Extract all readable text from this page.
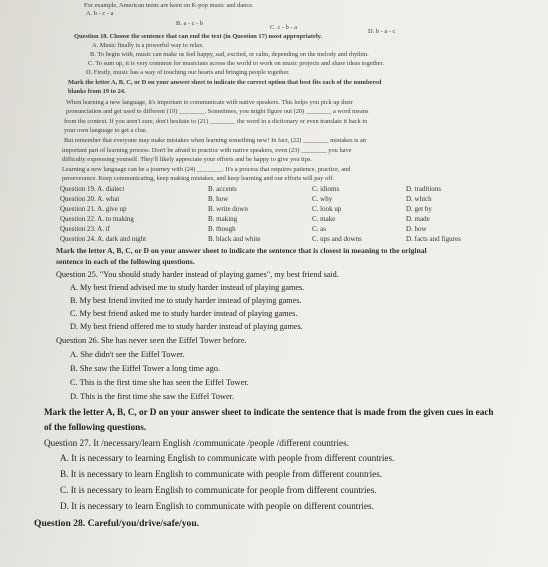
For example, American teens are keen on K-pop music and dance.
A. b - c - a
B. a - c - b
C. c - b - a
D. b - a - c
Question 18. Choose the sentence that can end the text (in Question 17) most appropriately.
A. Music finally is a powerful way to relax.
B. To begin with, music can make us feel happy, sad, excited, or calm, depending on the melody and rhythm.
C. To sum up, it is very common for musicians across the world to work on music projects and share ideas together.
D. Firstly, music has a way of touching our hearts and bringing people together.
Mark the letter A, B, C, or D on your answer sheet to indicate the correct option that best fits each of the numbered
blanks from 19 to 24.
When learning a new language, it's important to communicate with native speakers. This helps you pick up their
pronunciation and get used to different (19) ________. Sometimes, you might figure out (20) ________ a word means
from the context. If you aren't sure, don't hesitate to (21) ________ the word in a dictionary or even translate it back to
your own language to get a clue.
But remember that everyone may make mistakes when learning something new! In fact, (22) ________ mistakes is an
important part of learning process. Don't be afraid to practice with native speakers, even (23) ________ you have
difficulty expressing yourself. They'll likely appreciate your efforts and be happy to give you tips.
Learning a new language can be a journey with (24) ________. It's a process that requires patience, practice, and
perseverance. Keep communicating, keep making mistakes, and keep learning and our efforts will pay off.
Question 19. A. dialect	B. accents	C. idioms	D. traditions
Question 20. A. what	B. how	C. why	D. which
Question 21. A. give up	B. write down	C. look up	D. get by
Question 22. A. to making	B. making	C. make	D. made
Question 23. A. if	B. though	C. as	D. how
Question 24. A. dark and night	B. black and white	C. ups and downs	D. facts and figures
Mark the letter A, B, C, or D on your answer sheet to indicate the sentence that is closest in meaning to the original
sentence in each of the following questions.
Question 25. "You should study harder instead of playing games", my best friend said.
A. My best friend advised me to study harder instead of playing games.
B. My best friend invited me to study harder instead of playing games.
C. My best friend asked me to study harder instead of playing games.
D. My best friend offered me to study harder instead of playing games.
Question 26. She has never seen the Eiffel Tower before.
A. She didn't see the Eiffel Tower.
B. She saw the Eiffel Tower a long time ago.
C. This is the first time she has seen the Eiffel Tower.
D. This is the first time she saw the Eiffel Tower.
Mark the letter A, B, C, or D on your answer sheet to indicate the sentence that is made from the given cues in each
of the following questions.
Question 27. It /necessary/learn English /communicate /people /different countries.
A. It is necessary to learning English to communicate with people from different countries.
B. It is necessary to learn English to communicate with people from different countries.
C. It is necessary to learn English to communicate for people from different countries.
D. It is necessary to learn English to communicate with people on different countries.
Question 28. Careful/you/drive/safe/you.
